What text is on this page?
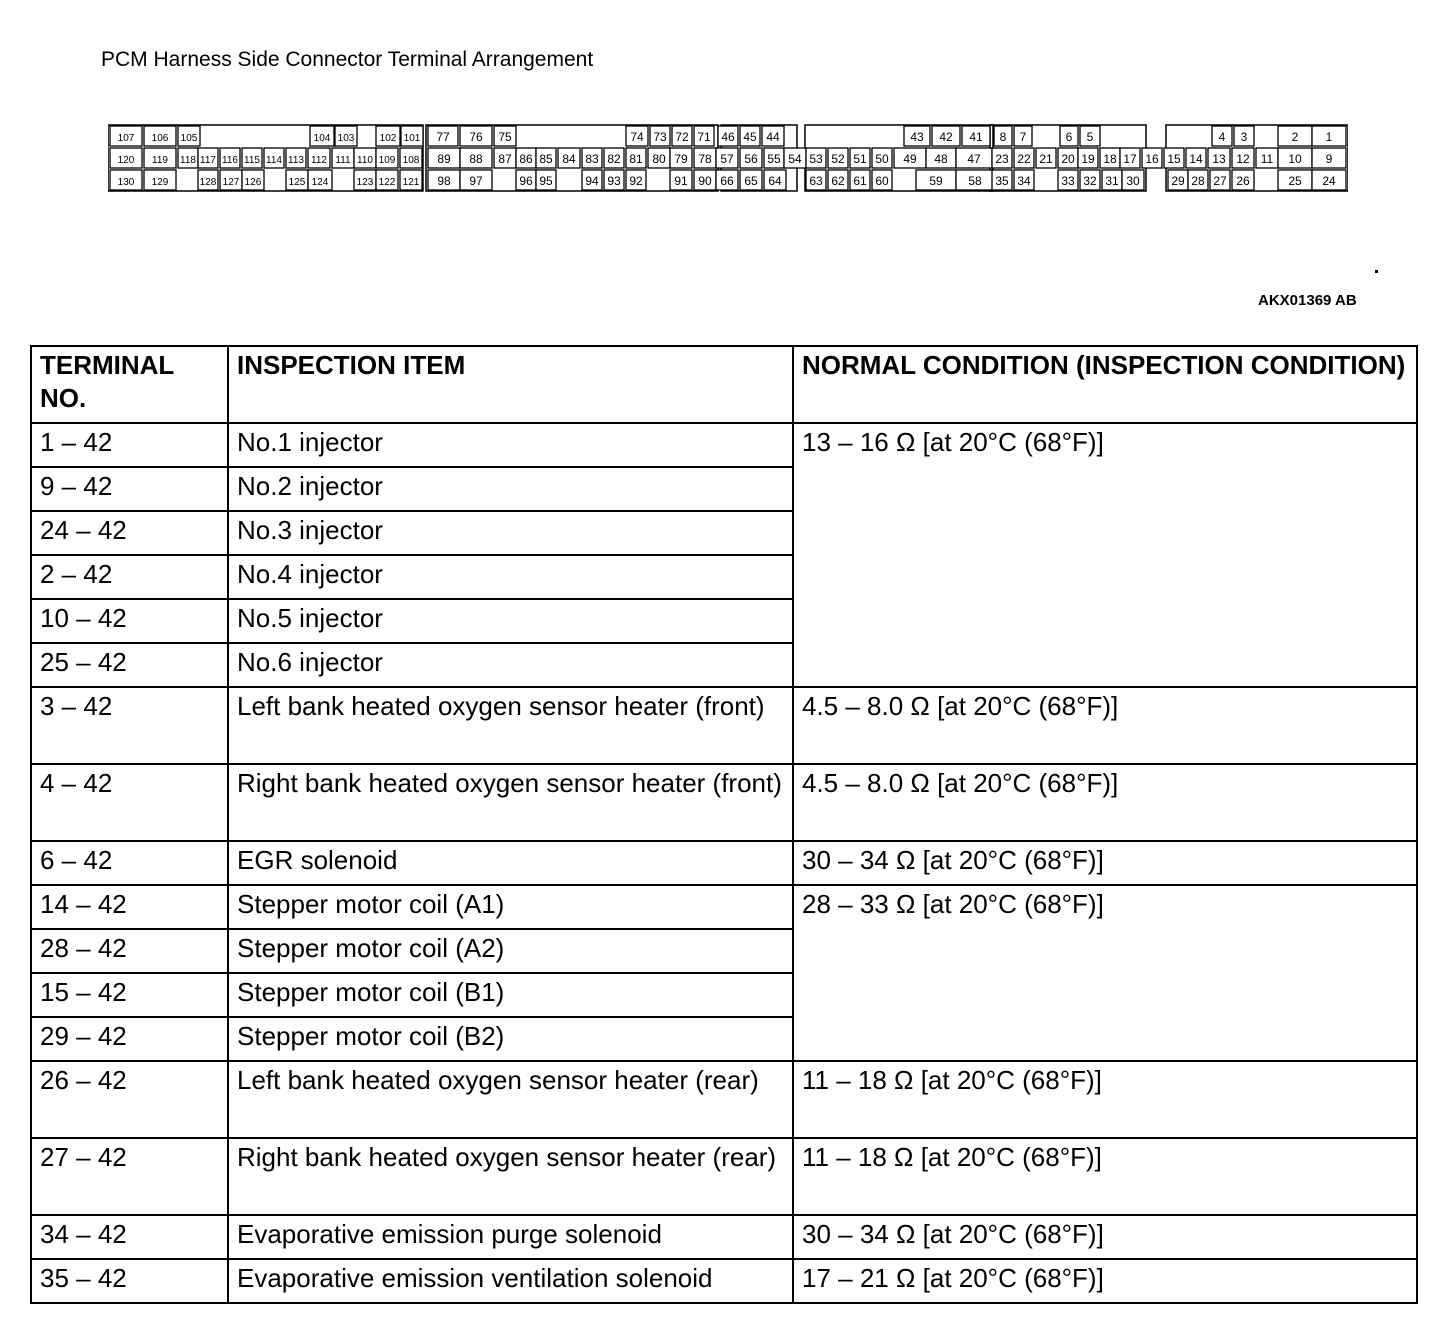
PCM Harness Side Connector Terminal Arrangement
107 106 105	104 103	102 101 77 76 75	74 73 72 71 46 45 44	43 42 41 8 7	6 5	4 3	2 1
120 119 118 117 116 115 114 113 112 111 110 109 108 89 88 87 86 85 84 83 82 81 80 79 78 57 56 55 54 53 52 51 50 49 48 47 23 22 21 20 19 18 17 16 15 14 13 12 11 10 9
130 129	128 127 126	125 124	123 122 121 98 97	96 95	94 93 92	91 90 66 65 64 63 62 61 60	59 58 35 34	33 32 31 30	29 28 27 26	25 24
AKX01369 AB
TERMINAL NO.	INSPECTION ITEM	NORMAL CONDITION (INSPECTION CONDITION)
1 – 42	No.1 injector	13 – 16 Ω [at 20°C (68°F)]
9 – 42	No.2 injector	
24 – 42	No.3 injector	
2 – 42	No.4 injector	
10 – 42	No.5 injector	
25 – 42	No.6 injector	
3 – 42	Left bank heated oxygen sensor heater (front)	4.5 – 8.0 Ω [at 20°C (68°F)]
4 – 42	Right bank heated oxygen sensor heater (front)	4.5 – 8.0 Ω [at 20°C (68°F)]
6 – 42	EGR solenoid	30 – 34 Ω [at 20°C (68°F)]
14 – 42	Stepper motor coil (A1)	28 – 33 Ω [at 20°C (68°F)]
28 – 42	Stepper motor coil (A2)	
15 – 42	Stepper motor coil (B1)	
29 – 42	Stepper motor coil (B2)	
26 – 42	Left bank heated oxygen sensor heater (rear)	11 – 18 Ω [at 20°C (68°F)]
27 – 42	Right bank heated oxygen sensor heater (rear)	11 – 18 Ω [at 20°C (68°F)]
34 – 42	Evaporative emission purge solenoid	30 – 34 Ω [at 20°C (68°F)]
35 – 42	Evaporative emission ventilation solenoid	17 – 21 Ω [at 20°C (68°F)]
